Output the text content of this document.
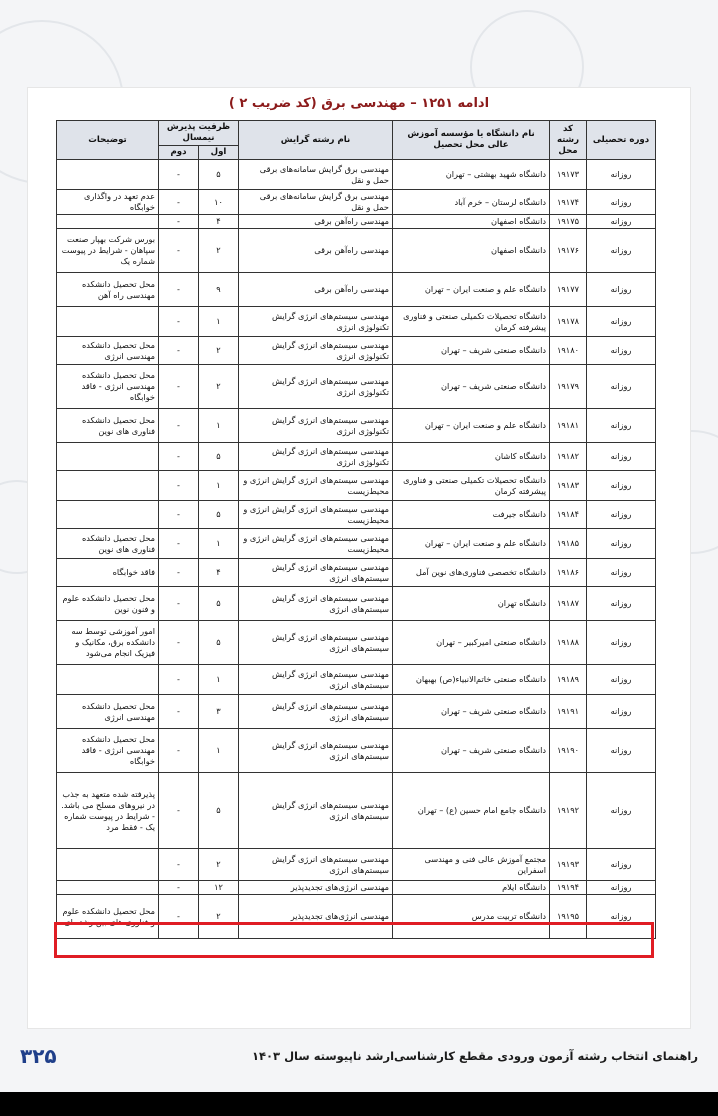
ادامه ۱۲۵۱ – مهندسی برق (کد ضریب ۲ )
دوره تحصیلی	کد رشته محل	نام دانشگاه یا مؤسسه آموزش عالی محل تحصیل	نام رشته گرایش	ظرفیت پذیرش نیمسال		توضیحات
				اول	دوم	
روزانه	۱۹۱۷۳	دانشگاه شهید بهشتی – تهران	مهندسی برق گرایش سامانه‌های برقی حمل و نقل	۵	-	
روزانه	۱۹۱۷۴	دانشگاه لرستان – خرم آباد	مهندسی برق گرایش سامانه‌های برقی حمل و نقل	۱۰	-	عدم تعهد در واگذاری خوابگاه
روزانه	۱۹۱۷۵	دانشگاه اصفهان	مهندسی راه‌آهن برقی	۴	-	
روزانه	۱۹۱۷۶	دانشگاه اصفهان	مهندسی راه‌آهن برقی	۲	-	بورس شرکت بهپار صنعت سپاهان - شرایط در پیوست شماره یک
روزانه	۱۹۱۷۷	دانشگاه علم و صنعت ایران – تهران	مهندسی راه‌آهن برقی	۹	-	محل تحصیل دانشکده مهندسی راه آهن
روزانه	۱۹۱۷۸	دانشگاه تحصیلات تکمیلی صنعتی و فناوری پیشرفته کرمان	مهندسی سیستم‌های انرژی گرایش تکنولوژی انرژی	۱	-	
روزانه	۱۹۱۸۰	دانشگاه صنعتی شریف – تهران	مهندسی سیستم‌های انرژی گرایش تکنولوژی انرژی	۲	-	محل تحصیل دانشکده مهندسی انرژی
روزانه	۱۹۱۷۹	دانشگاه صنعتی شریف – تهران	مهندسی سیستم‌های انرژی گرایش تکنولوژی انرژی	۲	-	محل تحصیل دانشکده مهندسی انرژی - فاقد خوابگاه
روزانه	۱۹۱۸۱	دانشگاه علم و صنعت ایران – تهران	مهندسی سیستم‌های انرژی گرایش تکنولوژی انرژی	۱	-	محل تحصیل دانشکده فناوری های نوین
روزانه	۱۹۱۸۲	دانشگاه کاشان	مهندسی سیستم‌های انرژی گرایش تکنولوژی انرژی	۵	-	
روزانه	۱۹۱۸۳	دانشگاه تحصیلات تکمیلی صنعتی و فناوری پیشرفته کرمان	مهندسی سیستم‌های انرژی گرایش انرژی و محیط‌زیست	۱	-	
روزانه	۱۹۱۸۴	دانشگاه جیرفت	مهندسی سیستم‌های انرژی گرایش انرژی و محیط‌زیست	۵	-	
روزانه	۱۹۱۸۵	دانشگاه علم و صنعت ایران – تهران	مهندسی سیستم‌های انرژی گرایش انرژی و محیط‌زیست	۱	-	محل تحصیل دانشکده فناوری های نوین
روزانه	۱۹۱۸۶	دانشگاه تخصصی فناوری‌های نوین آمل	مهندسی سیستم‌های انرژی گرایش سیستم‌های انرژی	۴	-	فاقد خوابگاه
روزانه	۱۹۱۸۷	دانشگاه تهران	مهندسی سیستم‌های انرژی گرایش سیستم‌های انرژی	۵	-	محل تحصیل دانشکده علوم و فنون نوین
روزانه	۱۹۱۸۸	دانشگاه صنعتی امیرکبیر – تهران	مهندسی سیستم‌های انرژی گرایش سیستم‌های انرژی	۵	-	امور آموزشی توسط سه دانشکده برق، مکانیک و فیزیک انجام می‌شود
روزانه	۱۹۱۸۹	دانشگاه صنعتی خاتم‌الانبیاء(ص) بهبهان	مهندسی سیستم‌های انرژی گرایش سیستم‌های انرژی	۱	-	
روزانه	۱۹۱۹۱	دانشگاه صنعتی شریف – تهران	مهندسی سیستم‌های انرژی گرایش سیستم‌های انرژی	۳	-	محل تحصیل دانشکده مهندسی انرژی
روزانه	۱۹۱۹۰	دانشگاه صنعتی شریف – تهران	مهندسی سیستم‌های انرژی گرایش سیستم‌های انرژی	۱	-	محل تحصیل دانشکده مهندسی انرژی - فاقد خوابگاه
روزانه	۱۹۱۹۲	دانشگاه جامع امام حسین (ع) – تهران	مهندسی سیستم‌های انرژی گرایش سیستم‌های انرژی	۵	-	پذیرفته شده متعهد به جذب در نیروهای مسلح می باشد. - شرایط در پیوست شماره یک - فقط مرد
روزانه	۱۹۱۹۳	مجتمع آموزش عالی فنی و مهندسی اسفراین	مهندسی سیستم‌های انرژی گرایش سیستم‌های انرژی	۲	-	
روزانه	۱۹۱۹۴	دانشگاه ایلام	مهندسی انرژی‌های تجدیدپذیر	۱۲	-	
روزانه	۱۹۱۹۵	دانشگاه تربیت مدرس	مهندسی انرژی‌های تجدیدپذیر	۲	-	محل تحصیل دانشکده علوم و فناوری های بین رشته ای
راهنمای انتخاب رشته آزمون ورودی مقطع کارشناسی‌ارشد ناپیوسته سال ۱۴۰۳
۳۲۵
